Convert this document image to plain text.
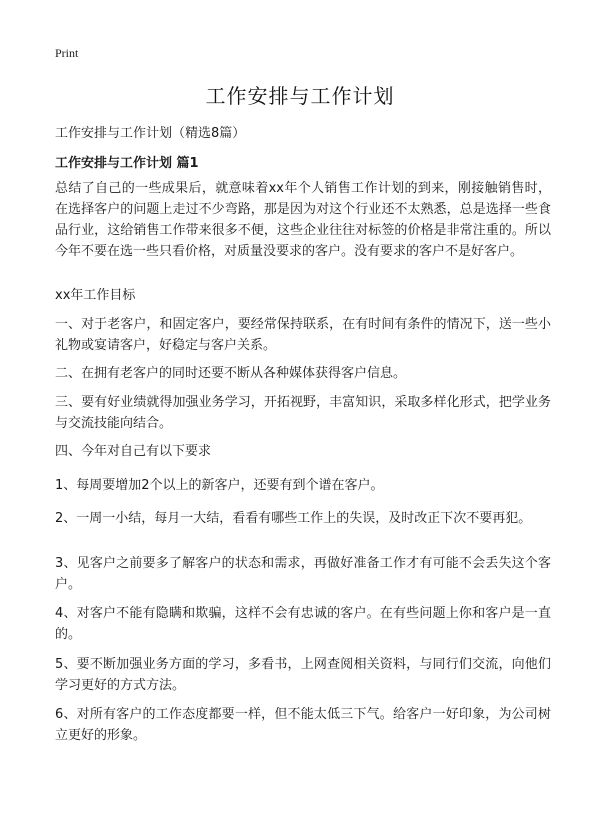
Print
工作安排与工作计划
工作安排与工作计划（精选8篇）
工作安排与工作计划 篇1

总结了自己的一些成果后，就意味着xx年个人销售工作计划的到来，刚接触销售时，在选择客户的问题上走过不少弯路，那是因为对这个行业还不太熟悉，总是选择一些食品行业，这给销售工作带来很多不便，这些企业往往对标签的价格是非常注重的。所以今年不要在选一些只看价格，对质量没要求的客户。没有要求的客户不是好客户。

xx年工作目标

一、对于老客户，和固定客户，要经常保持联系，在有时间有条件的情况下，送一些小礼物或宴请客户，好稳定与客户关系。

二、在拥有老客户的同时还要不断从各种媒体获得客户信息。

三、要有好业绩就得加强业务学习，开拓视野，丰富知识，采取多样化形式，把学业务与交流技能向结合。

四、今年对自己有以下要求

1、每周要增加2个以上的新客户，还要有到个谱在客户。

2、一周一小结，每月一大结，看看有哪些工作上的失误，及时改正下次不要再犯。

3、见客户之前要多了解客户的状态和需求，再做好准备工作才有可能不会丢失这个客户。

4、对客户不能有隐瞒和欺骗，这样不会有忠诚的客户。在有些问题上你和客户是一直的。

5、要不断加强业务方面的学习，多看书，上网查阅相关资料，与同行们交流，向他们学习更好的方式方法。

6、对所有客户的工作态度都要一样，但不能太低三下气。给客户一好印象，为公司树立更好的形象。
